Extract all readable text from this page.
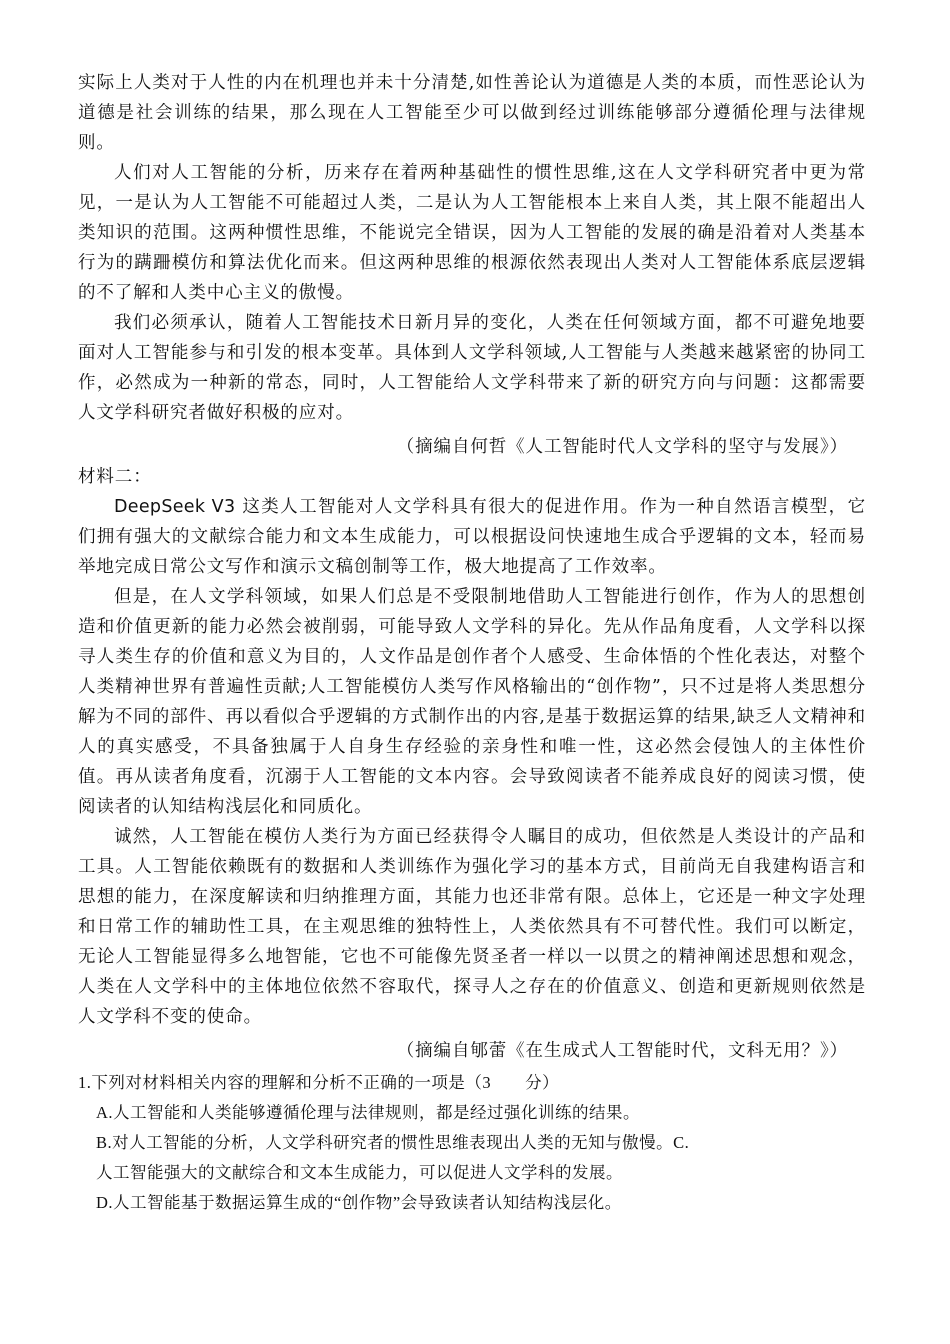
实际上人类对于人性的内在机理也并未十分清楚,如性善论认为道德是人类的本质，而性恶论认为道德是社会训练的结果，那么现在人工智能至少可以做到经过训练能够部分遵循伦理与法律规则。

人们对人工智能的分析，历来存在着两种基础性的惯性思维,这在人文学科研究者中更为常见，一是认为人工智能不可能超过人类，二是认为人工智能根本上来自人类，其上限不能超出人类知识的范围。这两种惯性思维，不能说完全错误，因为人工智能的发展的确是沿着对人类基本行为的蹒跚模仿和算法优化而来。但这两种思维的根源依然表现出人类对人工智能体系底层逻辑的不了解和人类中心主义的傲慢。

我们必须承认，随着人工智能技术日新月异的变化，人类在任何领域方面，都不可避免地要面对人工智能参与和引发的根本变革。具体到人文学科领域,人工智能与人类越来越紧密的协同工作，必然成为一种新的常态，同时，人工智能给人文学科带来了新的研究方向与问题：这都需要人文学科研究者做好积极的应对。

（摘编自何哲《人工智能时代人文学科的坚守与发展》）

材料二：

DeepSeek V3 这类人工智能对人文学科具有很大的促进作用。作为一种自然语言模型，它们拥有强大的文献综合能力和文本生成能力，可以根据设问快速地生成合乎逻辑的文本，轻而易举地完成日常公文写作和演示文稿创制等工作，极大地提高了工作效率。

但是，在人文学科领域，如果人们总是不受限制地借助人工智能进行创作，作为人的思想创造和价值更新的能力必然会被削弱，可能导致人文学科的异化。先从作品角度看，人文学科以探寻人类生存的价值和意义为目的，人文作品是创作者个人感受、生命体悟的个性化表达，对整个人类精神世界有普遍性贡献;人工智能模仿人类写作风格输出的“创作物”，只不过是将人类思想分解为不同的部件、再以看似合乎逻辑的方式制作出的内容,是基于数据运算的结果,缺乏人文精神和人的真实感受，不具备独属于人自身生存经验的亲身性和唯一性，这必然会侵蚀人的主体性价值。再从读者角度看，沉溺于人工智能的文本内容。会导致阅读者不能养成良好的阅读习惯，使阅读者的认知结构浅层化和同质化。

诚然，人工智能在模仿人类行为方面已经获得令人瞩目的成功，但依然是人类设计的产品和工具。人工智能依赖既有的数据和人类训练作为强化学习的基本方式，目前尚无自我建构语言和思想的能力，在深度解读和归纳推理方面，其能力也还非常有限。总体上，它还是一种文字处理和日常工作的辅助性工具，在主观思维的独特性上，人类依然具有不可替代性。我们可以断定，无论人工智能显得多么地智能，它也不可能像先贤圣者一样以一以贯之的精神阐述思想和观念，人类在人文学科中的主体地位依然不容取代，探寻人之存在的价值意义、创造和更新规则依然是人文学科不变的使命。

（摘编自郇蕾《在生成式人工智能时代，文科无用？》）

1.下列对材料相关内容的理解和分析不正确的一项是（3　　分）

A.人工智能和人类能够遵循伦理与法律规则，都是经过强化训练的结果。

B.对人工智能的分析，人文学科研究者的惯性思维表现出人类的无知与傲慢。C.

人工智能强大的文献综合和文本生成能力，可以促进人文学科的发展。

D.人工智能基于数据运算生成的“创作物”会导致读者认知结构浅层化。
